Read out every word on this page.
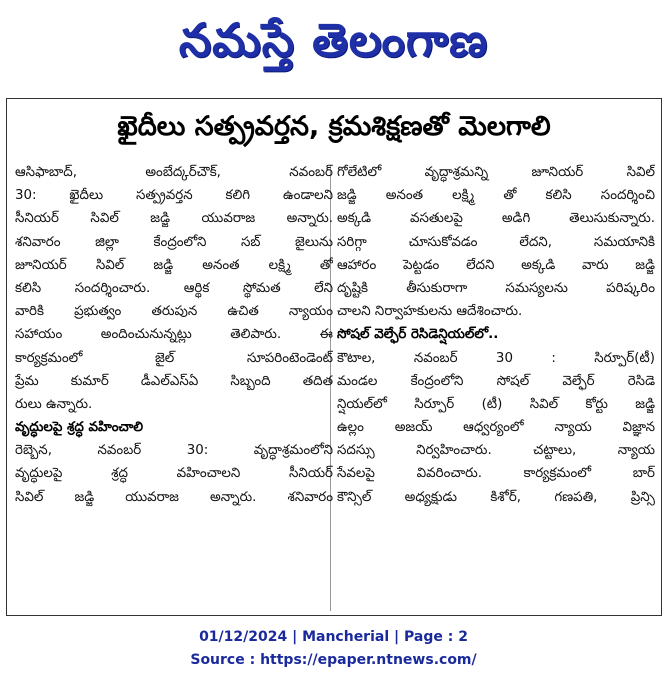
నమస్తే తెలంగాణ
ఖైదీలు సత్ప్రవర్తన, క్రమశిక్షణతో మెలగాలి
ఆసిఫాబాద్, అంబేద్కర్‌చౌక్, నవంబర్
30: ఖైదీలు సత్ప్రవర్తన కలిగి ఉండాలని
సీనియర్ సివిల్ జడ్జి యువరాజ అన్నారు.
శనివారం జిల్లా కేంద్రంలోని సబ్ జైలును
జూనియర్ సివిల్ జడ్జి అనంత లక్ష్మి తో
కలిసి సందర్శించారు. ఆర్థిక స్థోమత లేని
వారికి ప్రభుత్వం తరుపున ఉచిత న్యాయం
సహాయం అందించునున్నట్లు తెలిపారు. ఈ
కార్యక్రమంలో జైల్ సూపరింటెండెంట్
ప్రేమ కుమార్ డీఎల్ఎస్ఏ సిబ్బంది తదిత
రులు ఉన్నారు.
వృద్ధులపై శ్రద్ధ వహించాలి
రెబ్బెన, నవంబర్ 30: వృద్ధాశ్రమంలోని
వృద్ధులపై శ్రద్ధ వహించాలని సీనియర్
సివిల్ జడ్జి యువరాజ అన్నారు. శనివారం
గోలేటిలో వృద్ధాశ్రమన్ని జూనియర్ సివిల్
జడ్జి అనంత లక్ష్మి తో కలిసి సందర్శించి
అక్కడి వసతులపై అడిగి తెలుసుకున్నారు.
సరిగ్గా చూసుకోవడం లేదని, సమయానికి
ఆహారం పెట్టడం లేదని అక్కడి వారు జడ్జి
దృష్టికి తీసుకురాగా సమస్యలను పరిష్కరిం
చాలని నిర్వాహకులను ఆదేశించారు.
సోషల్ వెల్ఫేర్ రెసిడెన్షియల్‌లో..
కౌటాల, నవంబర్ 30 : సిర్పూర్(టీ)
మండల కేంద్రంలోని సోషల్ వెల్ఫేర్ రెసిడె
న్షియల్‌లో సిర్పూర్ (టీ) సివిల్ కోర్టు జడ్జి
ఉల్లం అజయ్ ఆధ్వర్యంలో న్యాయ విజ్ఞాన
సదస్సు నిర్వహించారు. చట్టాలు, న్యాయ
సేవలపై వివరించారు. కార్యక్రమంలో బార్
కౌన్సిల్ అధ్యక్షుడు కిశోర్, గణపతి, ప్రిన్సి
01/12/2024 | Mancherial | Page : 2
Source : https://epaper.ntnews.com/
